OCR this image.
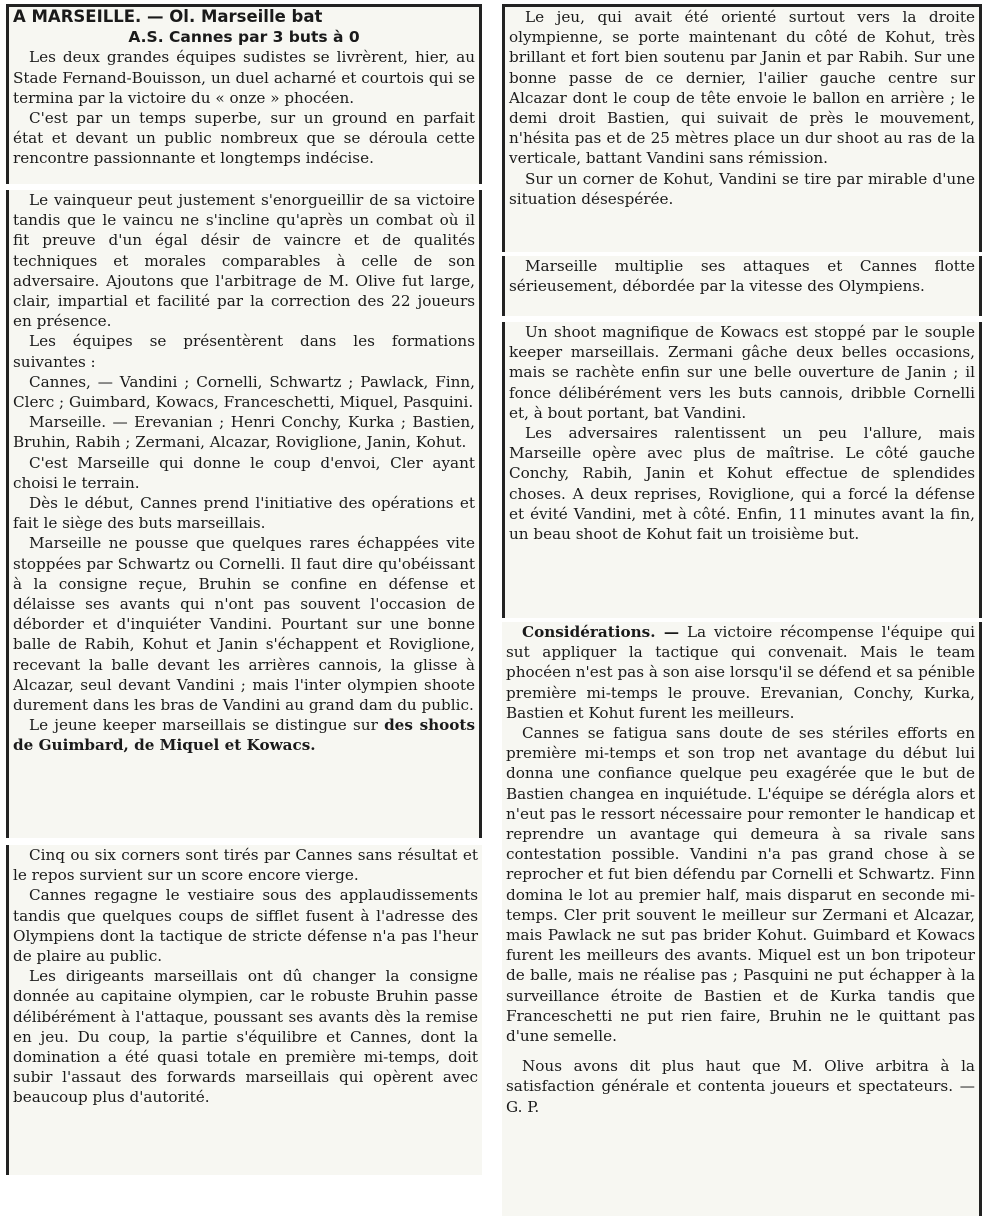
A MARSEILLE. — Ol. Marseille bat

A.S. Cannes par 3 buts à 0

Les deux grandes équipes sudistes se livrèrent, hier, au Stade Fernand-Bouisson, un duel acharné et courtois qui se termina par la victoire du « onze » phocéen.

C'est par un temps superbe, sur un ground en parfait état et devant un public nombreux que se déroula cette rencontre passionnante et longtemps indécise.

Le vainqueur peut justement s'enorgueillir de sa victoire tandis que le vaincu ne s'incline qu'après un combat où il fit preuve d'un égal désir de vaincre et de qualités techniques et morales comparables à celle de son adversaire. Ajoutons que l'arbitrage de M. Olive fut large, clair, impartial et facilité par la correction des 22 joueurs en présence.

Les équipes se présentèrent dans les formations suivantes :

Cannes, — Vandini ; Cornelli, Schwartz ; Pawlack, Finn, Clerc ; Guimbard, Kowacs, Franceschetti, Miquel, Pasquini.

Marseille. — Erevanian ; Henri Conchy, Kurka ; Bastien, Bruhin, Rabih ; Zermani, Alcazar, Roviglione, Janin, Kohut.

C'est Marseille qui donne le coup d'envoi, Cler ayant choisi le terrain.

Dès le début, Cannes prend l'initiative des opérations et fait le siège des buts marseillais.

Marseille ne pousse que quelques rares échappées vite stoppées par Schwartz ou Cornelli. Il faut dire qu'obéissant à la consigne reçue, Bruhin se confine en défense et délaisse ses avants qui n'ont pas souvent l'occasion de déborder et d'inquiéter Vandini. Pourtant sur une bonne balle de Rabih, Kohut et Janin s'échappent et Roviglione, recevant la balle devant les arrières cannois, la glisse à Alcazar, seul devant Vandini ; mais l'inter olympien shoote durement dans les bras de Vandini au grand dam du public.

Le jeune keeper marseillais se distingue sur des shoots de Guimbard, de Miquel et Kowacs.

Cinq ou six corners sont tirés par Cannes sans résultat et le repos survient sur un score encore vierge.

Cannes regagne le vestiaire sous des applaudissements tandis que quelques coups de sifflet fusent à l'adresse des Olympiens dont la tactique de stricte défense n'a pas l'heur de plaire au public.

Les dirigeants marseillais ont dû changer la consigne donnée au capitaine olympien, car le robuste Bruhin passe délibérément à l'attaque, poussant ses avants dès la remise en jeu. Du coup, la partie s'équilibre et Cannes, dont la domination a été quasi totale en première mi-temps, doit subir l'assaut des forwards marseillais qui opèrent avec beaucoup plus d'autorité.

Le jeu, qui avait été orienté surtout vers la droite olympienne, se porte maintenant du côté de Kohut, très brillant et fort bien soutenu par Janin et par Rabih. Sur une bonne passe de ce dernier, l'ailier gauche centre sur Alcazar dont le coup de tête envoie le ballon en arrière ; le demi droit Bastien, qui suivait de près le mouvement, n'hésita pas et de 25 mètres place un dur shoot au ras de la verticale, battant Vandini sans rémission.

Sur un corner de Kohut, Vandini se tire par mirable d'une situation désespérée.

Marseille multiplie ses attaques et Cannes flotte sérieusement, débordée par la vitesse des Olympiens.

Un shoot magnifique de Kowacs est stoppé par le souple keeper marseillais. Zermani gâche deux belles occasions, mais se rachète enfin sur une belle ouverture de Janin ; il fonce délibérément vers les buts cannois, dribble Cornelli et, à bout portant, bat Vandini.

Les adversaires ralentissent un peu l'allure, mais Marseille opère avec plus de maîtrise. Le côté gauche Conchy, Rabih, Janin et Kohut effectue de splendides choses. A deux reprises, Roviglione, qui a forcé la défense et évité Vandini, met à côté. Enfin, 11 minutes avant la fin, un beau shoot de Kohut fait un troisième but.

Considérations. — La victoire récompense l'équipe qui sut appliquer la tactique qui convenait. Mais le team phocéen n'est pas à son aise lorsqu'il se défend et sa pénible première mi-temps le prouve. Erevanian, Conchy, Kurka, Bastien et Kohut furent les meilleurs.

Cannes se fatigua sans doute de ses stériles efforts en première mi-temps et son trop net avantage du début lui donna une confiance quelque peu exagérée que le but de Bastien changea en inquiétude. L'équipe se dérégla alors et n'eut pas le ressort nécessaire pour remonter le handicap et reprendre un avantage qui demeura à sa rivale sans contestation possible. Vandini n'a pas grand chose à se reprocher et fut bien défendu par Cornelli et Schwartz. Finn domina le lot au premier half, mais disparut en seconde mi-temps. Cler prit souvent le meilleur sur Zermani et Alcazar, mais Pawlack ne sut pas brider Kohut. Guimbard et Kowacs furent les meilleurs des avants. Miquel est un bon tripoteur de balle, mais ne réalise pas ; Pasquini ne put échapper à la surveillance étroite de Bastien et de Kurka tandis que Franceschetti ne put rien faire, Bruhin ne le quittant pas d'une semelle.

Nous avons dit plus haut que M. Olive arbitra à la satisfaction générale et contenta joueurs et spectateurs. — G. P.
